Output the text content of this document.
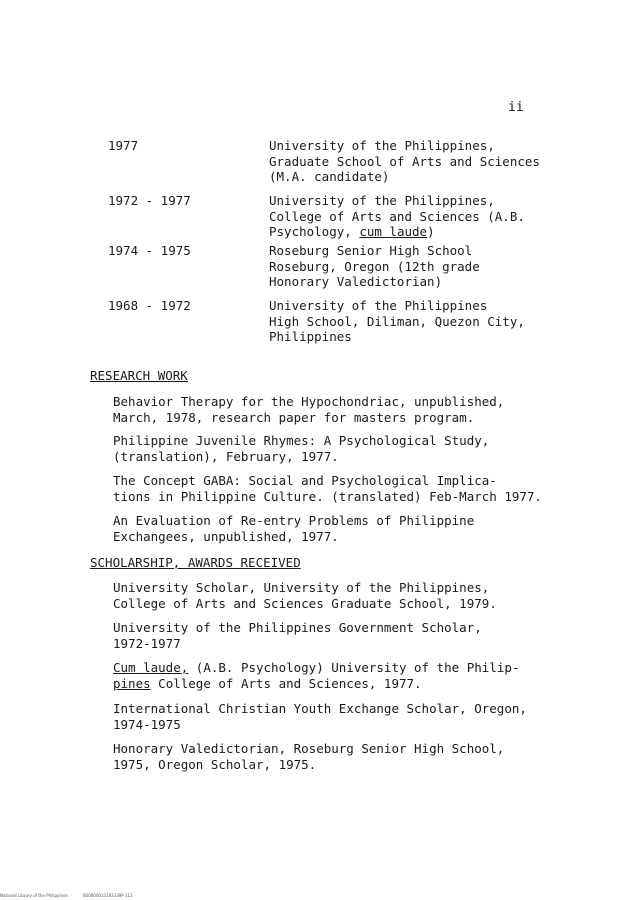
ii
1977	University of the Philippines,
Graduate School of Arts and Sciences
(M.A. candidate)
1972 - 1977	University of the Philippines,
College of Arts and Sciences (A.B.
Psychology, cum laude)
1974 - 1975	Roseburg Senior High School
Roseburg, Oregon (12th grade
Honorary Valedictorian)
1968 - 1972	University of the Philippines
High School, Diliman, Quezon City,
Philippines
RESEARCH WORK
Behavior Therapy for the Hypochondriac, unpublished,
March, 1978, research paper for masters program.
Philippine Juvenile Rhymes: A Psychological Study,
(translation), February, 1977.
The Concept GABA: Social and Psychological Implica-
tions in Philippine Culture. (translated) Feb-March 1977.
An Evaluation of Re-entry Problems of Philippine
Exchangees, unpublished, 1977.
SCHOLARSHIP, AWARDS RECEIVED
University Scholar, University of the Philippines,
College of Arts and Sciences Graduate School, 1979.
University of the Philippines Government Scholar,
1972-1977
Cum laude, (A.B. Psychology) University of the Philip-
pines College of Arts and Sciences, 1977.
International Christian Youth Exchange Scholar, Oregon,
1974-1975
Honorary Valedictorian, Roseburg Senior High School,
1975, Oregon Scholar, 1975.
National Library of the Philippines	BS0000033192339P 111
